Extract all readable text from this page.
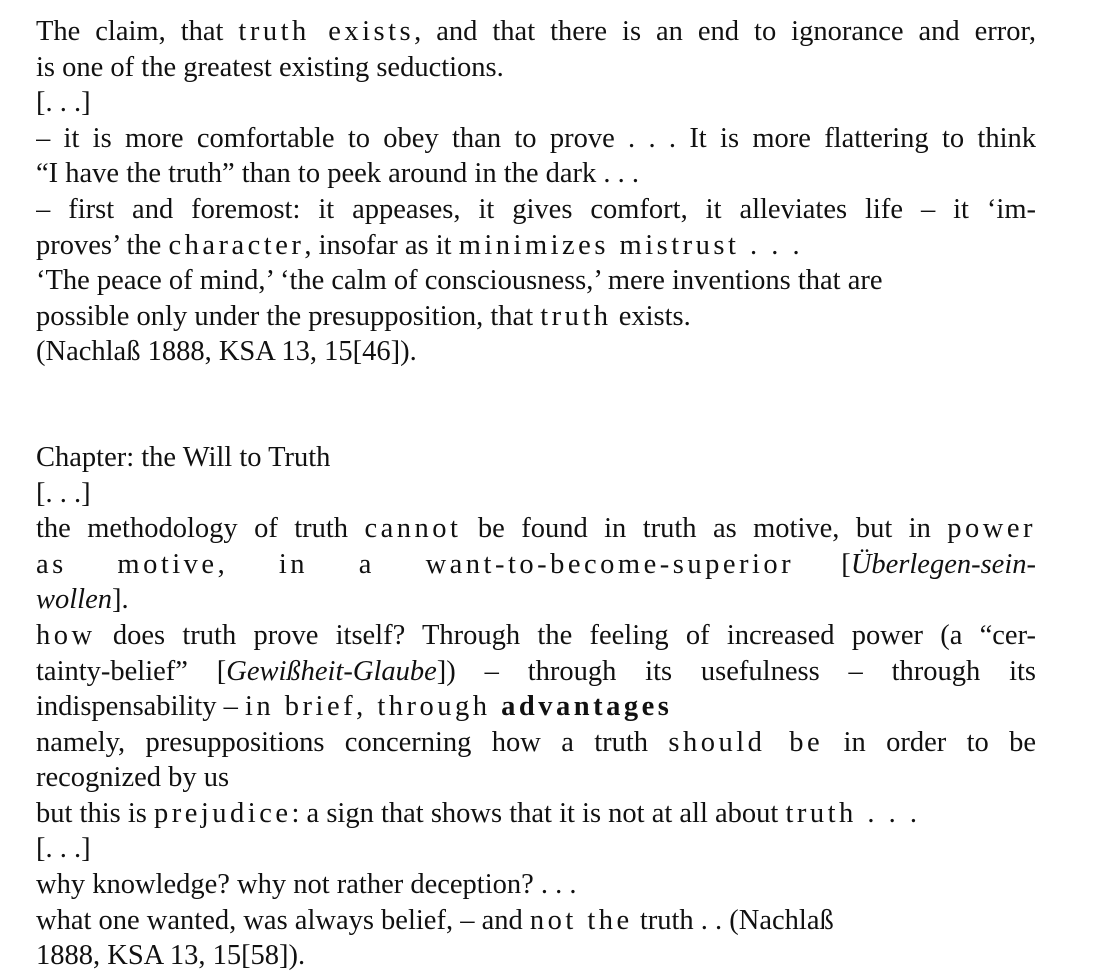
The claim, that truth exists, and that there is an end to ignorance and error,
is one of the greatest existing seductions.
[. . .]
– it is more comfortable to obey than to prove . . . It is more flattering to think
“I have the truth” than to peek around in the dark . . .
– first and foremost: it appeases, it gives comfort, it alleviates life – it ‘im-
proves’ the character, insofar as it minimizes mistrust . . .
‘The peace of mind,’ ‘the calm of consciousness,’ mere inventions that are
possible only under the presupposition, that truth exists.
(Nachlaß 1888, KSA 13, 15[46]).
Chapter: the Will to Truth
[. . .]
the methodology of truth cannot be found in truth as motive, but in power
as motive, in a want-to-become-superior [Überlegen-sein-
wollen].
how does truth prove itself? Through the feeling of increased power (a “cer-
tainty-belief” [Gewißheit-Glaube]) – through its usefulness – through its
indispensability – in brief, through advantages
namely, presuppositions concerning how a truth should be in order to be
recognized by us
but this is prejudice: a sign that shows that it is not at all about truth . . .
[. . .]
why knowledge? why not rather deception? . . .
what one wanted, was always belief, – and not the truth . . (Nachlaß
1888, KSA 13, 15[58]).
